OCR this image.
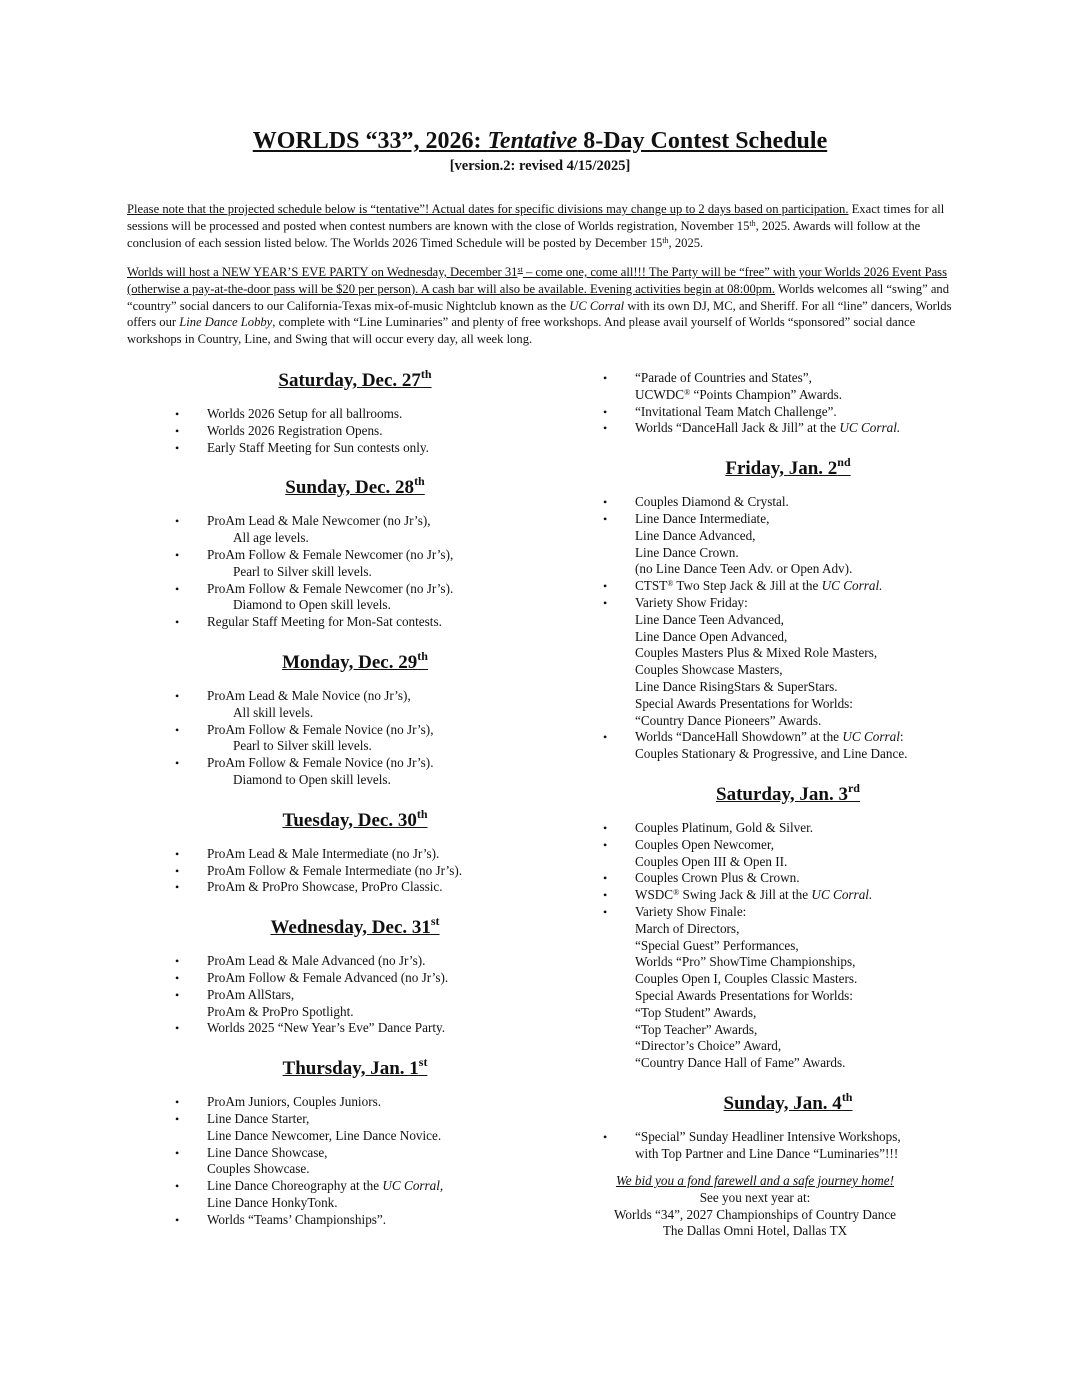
WORLDS “33”, 2026: Tentative 8-Day Contest Schedule
[version.2: revised 4/15/2025]

Please note that the projected schedule below is “tentative”! Actual dates for specific divisions may change up to 2 days based on participation. Exact times for all sessions will be processed and posted when contest numbers are known with the close of Worlds registration, November 15th, 2025. Awards will follow at the conclusion of each session listed below. The Worlds 2026 Timed Schedule will be posted by December 15th, 2025.

Worlds will host a NEW YEAR’S EVE PARTY on Wednesday, December 31st – come one, come all!!! The Party will be “free” with your Worlds 2026 Event Pass (otherwise a pay-at-the-door pass will be $20 per person). A cash bar will also be available. Evening activities begin at 08:00pm. Worlds welcomes all “swing” and “country” social dancers to our California-Texas mix-of-music Nightclub known as the UC Corral with its own DJ, MC, and Sheriff. For all “line” dancers, Worlds offers our Line Dance Lobby, complete with “Line Luminaries” and plenty of free workshops. And please avail yourself of Worlds “sponsored” social dance workshops in Country, Line, and Swing that will occur every day, all week long.

Saturday, Dec. 27th
• Worlds 2026 Setup for all ballrooms.
• Worlds 2026 Registration Opens.
• Early Staff Meeting for Sun contests only.
Sunday, Dec. 28th
• ProAm Lead & Male Newcomer (no Jr’s),
All age levels.
• ProAm Follow & Female Newcomer (no Jr’s),
Pearl to Silver skill levels.
• ProAm Follow & Female Newcomer (no Jr’s).
Diamond to Open skill levels.
• Regular Staff Meeting for Mon-Sat contests.
Monday, Dec. 29th
• ProAm Lead & Male Novice (no Jr’s),
All skill levels.
• ProAm Follow & Female Novice (no Jr’s),
Pearl to Silver skill levels.
• ProAm Follow & Female Novice (no Jr’s).
Diamond to Open skill levels.
Tuesday, Dec. 30th
• ProAm Lead & Male Intermediate (no Jr’s).
• ProAm Follow & Female Intermediate (no Jr’s).
• ProAm & ProPro Showcase, ProPro Classic.
Wednesday, Dec. 31st
• ProAm Lead & Male Advanced (no Jr’s).
• ProAm Follow & Female Advanced (no Jr’s).
• ProAm AllStars,
ProAm & ProPro Spotlight.
• Worlds 2025 “New Year’s Eve” Dance Party.
Thursday, Jan. 1st
• ProAm Juniors, Couples Juniors.
• Line Dance Starter,
Line Dance Newcomer, Line Dance Novice.
• Line Dance Showcase,
Couples Showcase.
• Line Dance Choreography at the UC Corral,
Line Dance HonkyTonk.
• Worlds “Teams’ Championships”.
• “Parade of Countries and States”,
UCWDC® “Points Champion” Awards.
• “Invitational Team Match Challenge”.
• Worlds “DanceHall Jack & Jill” at the UC Corral.
Friday, Jan. 2nd
• Couples Diamond & Crystal.
• Line Dance Intermediate,
Line Dance Advanced,
Line Dance Crown.
(no Line Dance Teen Adv. or Open Adv).
• CTST® Two Step Jack & Jill at the UC Corral.
• Variety Show Friday:
Line Dance Teen Advanced,
Line Dance Open Advanced,
Couples Masters Plus & Mixed Role Masters,
Couples Showcase Masters,
Line Dance RisingStars & SuperStars.
Special Awards Presentations for Worlds:
“Country Dance Pioneers” Awards.
• Worlds “DanceHall Showdown” at the UC Corral:
Couples Stationary & Progressive, and Line Dance.
Saturday, Jan. 3rd
• Couples Platinum, Gold & Silver.
• Couples Open Newcomer,
Couples Open III & Open II.
• Couples Crown Plus & Crown.
• WSDC® Swing Jack & Jill at the UC Corral.
• Variety Show Finale:
March of Directors,
“Special Guest” Performances,
Worlds “Pro” ShowTime Championships,
Couples Open I, Couples Classic Masters.
Special Awards Presentations for Worlds:
“Top Student” Awards,
“Top Teacher” Awards,
“Director’s Choice” Award,
“Country Dance Hall of Fame” Awards.
Sunday, Jan. 4th
• “Special” Sunday Headliner Intensive Workshops,
with Top Partner and Line Dance “Luminaries”!!!
We bid you a fond farewell and a safe journey home!
See you next year at:
Worlds “34”, 2027 Championships of Country Dance
The Dallas Omni Hotel, Dallas TX
